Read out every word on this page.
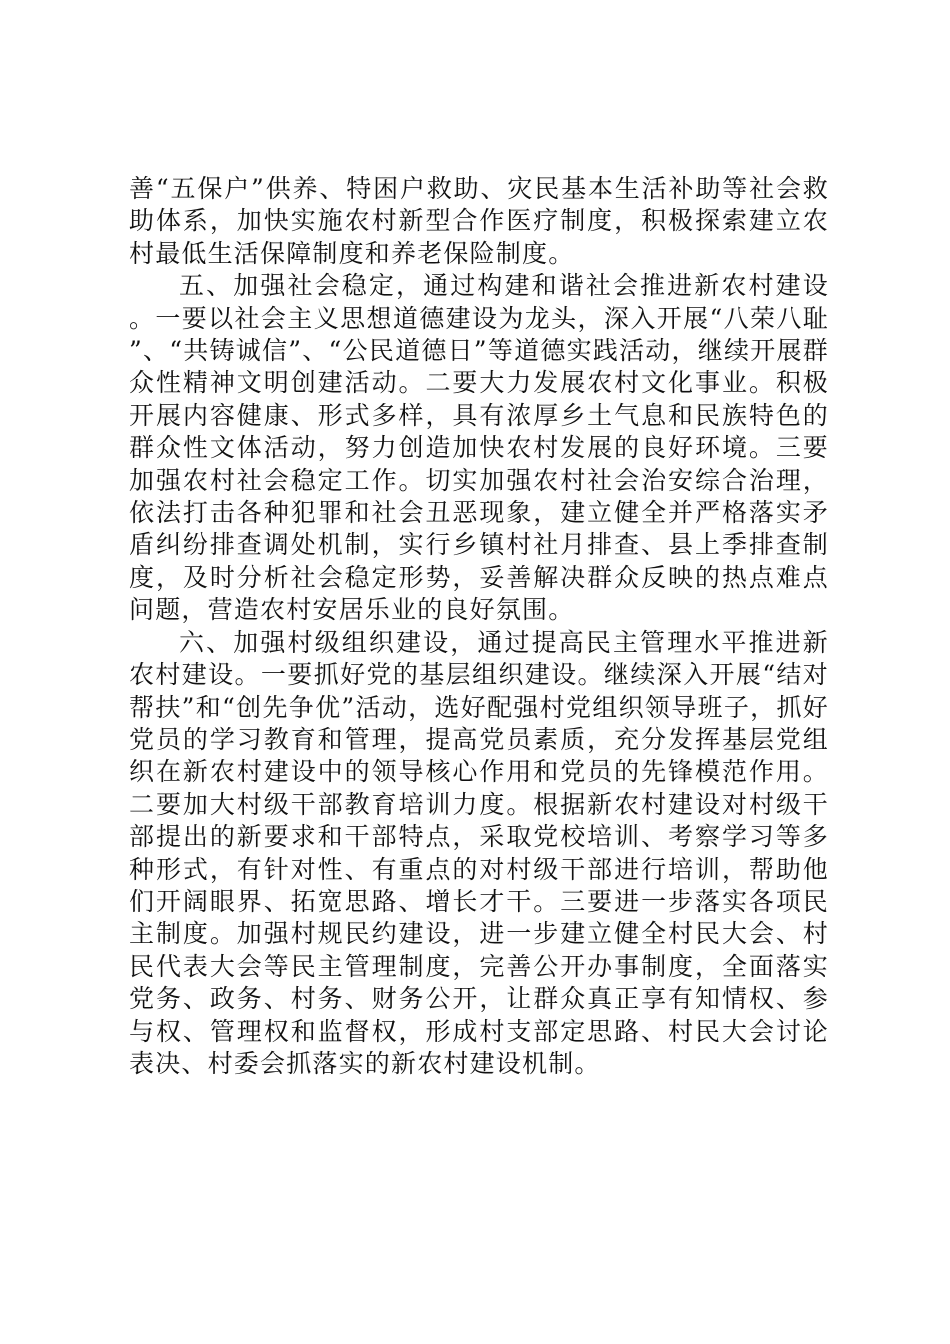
善“五保户”供养、特困户救助、灾民基本生活补助等社会救助体系，加快实施农村新型合作医疗制度，积极探索建立农村最低生活保障制度和养老保险制度。

五、加强社会稳定，通过构建和谐社会推进新农村建设。一要以社会主义思想道德建设为龙头，深入开展“八荣八耻”、“共铸诚信”、“公民道德日”等道德实践活动，继续开展群众性精神文明创建活动。二要大力发展农村文化事业。积极开展内容健康、形式多样，具有浓厚乡土气息和民族特色的群众性文体活动，努力创造加快农村发展的良好环境。三要加强农村社会稳定工作。切实加强农村社会治安综合治理，依法打击各种犯罪和社会丑恶现象，建立健全并严格落实矛盾纠纷排查调处机制，实行乡镇村社月排查、县上季排查制度，及时分析社会稳定形势，妥善解决群众反映的热点难点问题，营造农村安居乐业的良好氛围。

六、加强村级组织建设，通过提高民主管理水平推进新农村建设。一要抓好党的基层组织建设。继续深入开展“结对帮扶”和“创先争优”活动，选好配强村党组织领导班子，抓好党员的学习教育和管理，提高党员素质，充分发挥基层党组织在新农村建设中的领导核心作用和党员的先锋模范作用。二要加大村级干部教育培训力度。根据新农村建设对村级干部提出的新要求和干部特点，采取党校培训、考察学习等多种形式，有针对性、有重点的对村级干部进行培训，帮助他们开阔眼界、拓宽思路、增长才干。三要进一步落实各项民主制度。加强村规民约建设，进一步建立健全村民大会、村民代表大会等民主管理制度，完善公开办事制度，全面落实党务、政务、村务、财务公开，让群众真正享有知情权、参与权、管理权和监督权，形成村支部定思路、村民大会讨论表决、村委会抓落实的新农村建设机制。
